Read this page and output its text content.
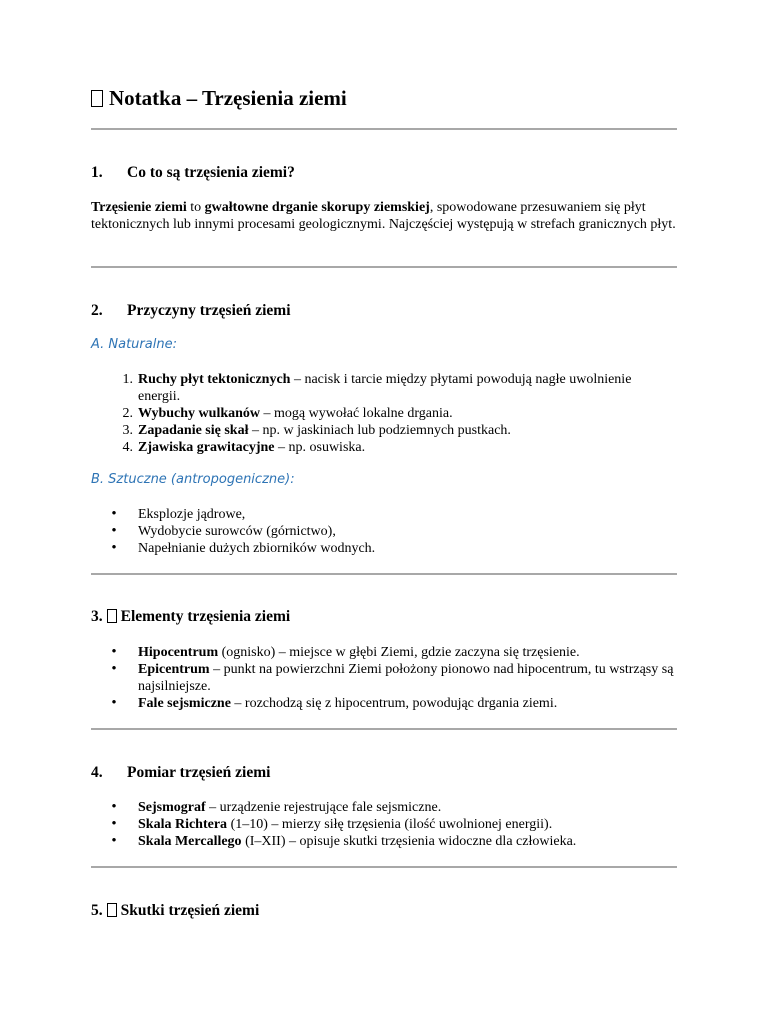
Notatka – Trzęsienia ziemi
1. Co to są trzęsienia ziemi?

Trzęsienie ziemi to gwałtowne drganie skorupy ziemskiej, spowodowane przesuwaniem się płyt tektonicznych lub innymi procesami geologicznymi. Najczęściej występują w strefach granicznych płyt.

2. Przyczyny trzęsień ziemi

A. Naturalne:

1. Ruchy płyt tektonicznych – nacisk i tarcie między płytami powodują nagłe uwolnienie energii.
2. Wybuchy wulkanów – mogą wywołać lokalne drgania.
3. Zapadanie się skał – np. w jaskiniach lub podziemnych pustkach.
4. Zjawiska grawitacyjne – np. osuwiska.

B. Sztuczne (antropogeniczne):

• Eksplozje jądrowe,
• Wydobycie surowców (górnictwo),
• Napełnianie dużych zbiorników wodnych.
3. Elementy trzęsienia ziemi
• Hipocentrum (ognisko) – miejsce w głębi Ziemi, gdzie zaczyna się trzęsienie.
• Epicentrum – punkt na powierzchni Ziemi położony pionowo nad hipocentrum, tu wstrząsy są najsilniejsze.
• Fale sejsmiczne – rozchodzą się z hipocentrum, powodując drgania ziemi.
4. Pomiar trzęsień ziemi
• Sejsmograf – urządzenie rejestrujące fale sejsmiczne.
• Skala Richtera (1–10) – mierzy siłę trzęsienia (ilość uwolnionej energii).
• Skala Mercallego (I–XII) – opisuje skutki trzęsienia widoczne dla człowieka.
5. Skutki trzęsień ziemi
